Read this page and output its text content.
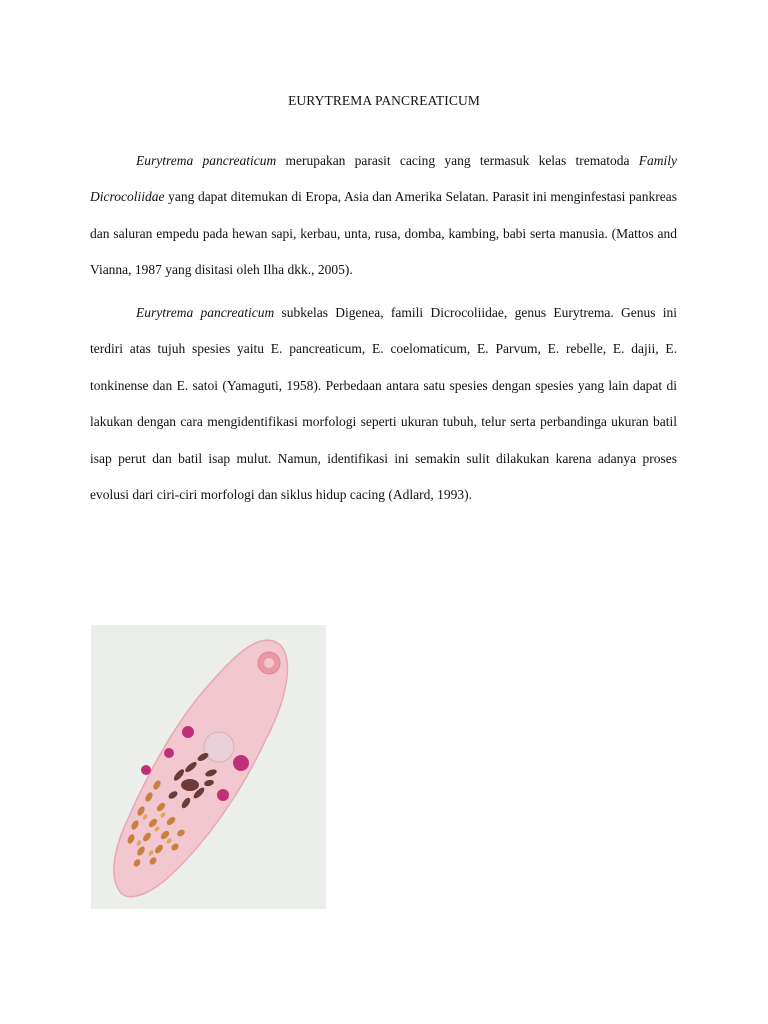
EURYTREMA PANCREATICUM

Eurytrema pancreaticum merupakan parasit cacing yang termasuk kelas trematoda Family Dicrocoliidae yang dapat ditemukan di Eropa, Asia dan Amerika Selatan. Parasit ini menginfestasi pankreas dan saluran empedu pada hewan sapi, kerbau, unta, rusa, domba, kambing, babi serta manusia. (Mattos and Vianna, 1987 yang disitasi oleh Ilha dkk., 2005).

Eurytrema pancreaticum subkelas Digenea, famili Dicrocoliidae, genus Eurytrema. Genus ini terdiri atas tujuh spesies yaitu E. pancreaticum, E. coelomaticum, E. Parvum, E. rebelle, E. dajii, E. tonkinense dan E. satoi (Yamaguti, 1958). Perbedaan antara satu spesies dengan spesies yang lain dapat di lakukan dengan cara mengidentifikasi morfologi seperti ukuran tubuh, telur serta perbandinga ukuran batil isap perut dan batil isap mulut. Namun, identifikasi ini semakin sulit dilakukan karena adanya proses evolusi dari ciri-ciri morfologi dan siklus hidup cacing (Adlard, 1993).
